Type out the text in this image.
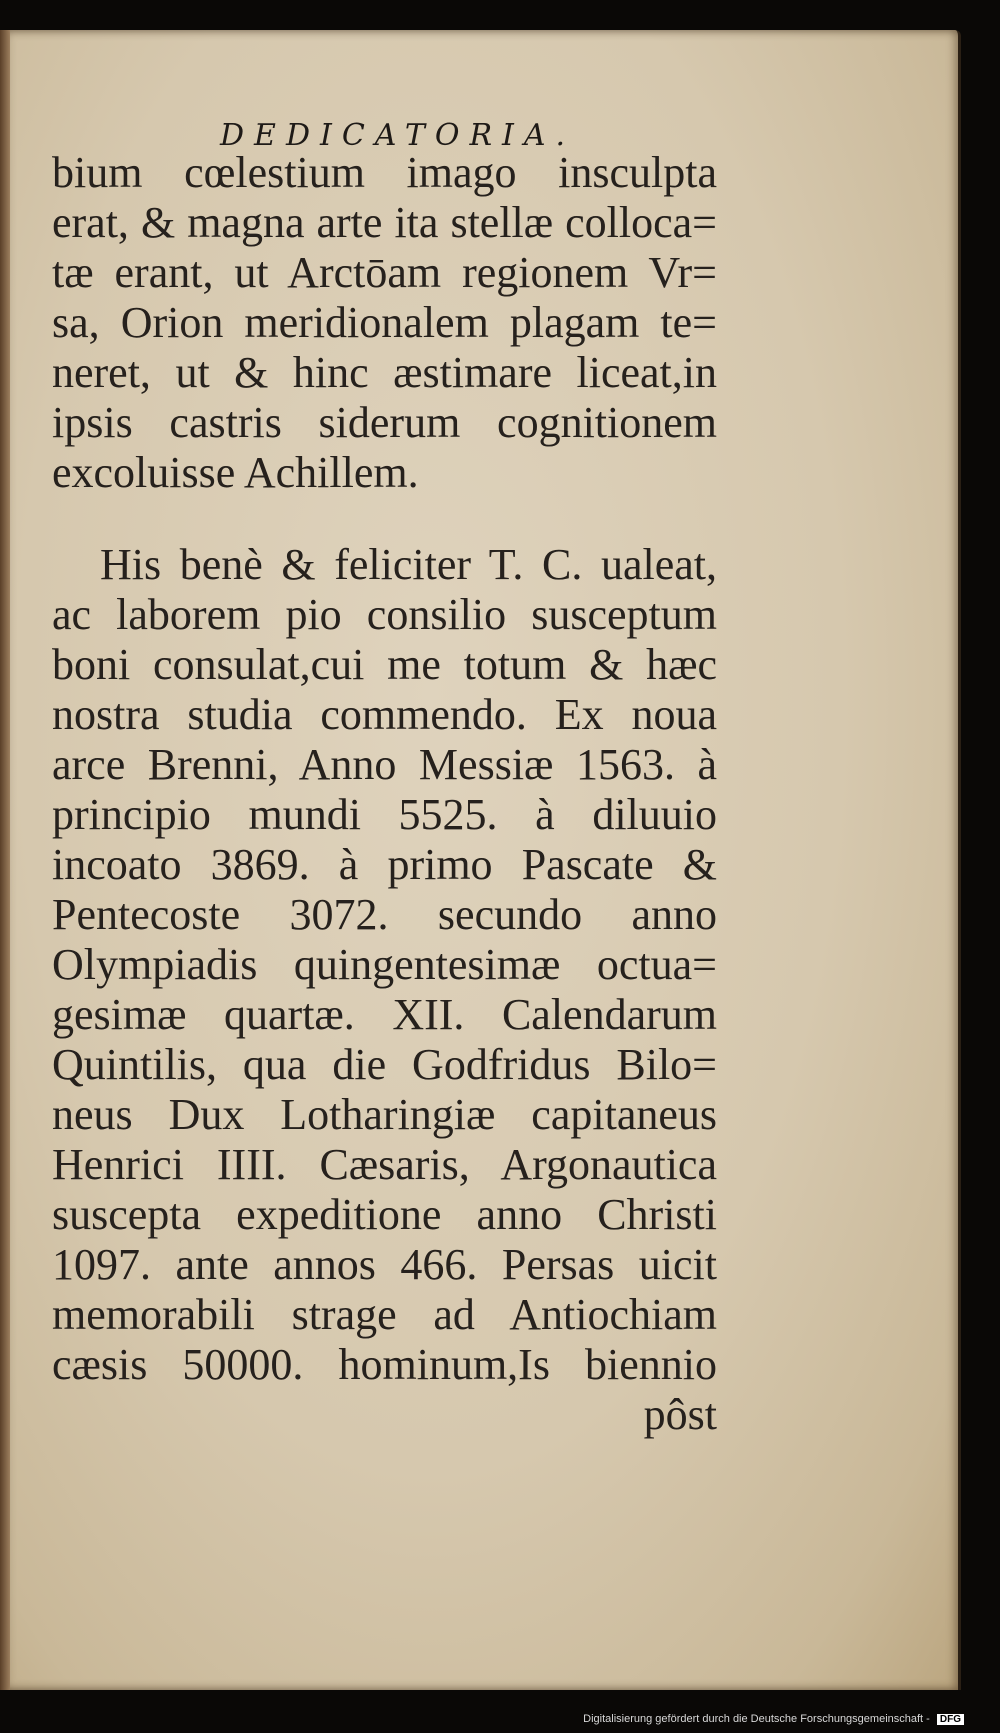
DEDICATORIA.
bium cœlestium imago insculpta
erat, & magna arte ita stellæ colloca=
tæ erant, ut Arctōam regionem Vr=
sa, Orion meridionalem plagam te=
neret, ut & hinc æstimare liceat,in
ipsis castris siderum cognitionem
excoluisse Achillem.
His benè & feliciter T. C. ualeat,
ac laborem pio consilio susceptum
boni consulat,cui me totum & hæc
nostra studia commendo. Ex noua
arce Brenni, Anno Messiæ 1563. à
principio mundi 5525. à diluuio
incoato 3869. à primo Pascate &
Pentecoste 3072. secundo anno
Olympiadis quingentesimæ octua=
gesimæ quartæ. XII. Calendarum
Quintilis, qua die Godfridus Bilo=
neus Dux Lotharingiæ capitaneus
Henrici IIII. Cæsaris, Argonautica
suscepta expeditione anno Christi
1097. ante annos 466. Persas uicit
memorabili strage ad Antiochiam
cæsis 50000. hominum,Is biennio
pôst
Digitalisierung gefördert durch die Deutsche Forschungsgemeinschaft - DFG
